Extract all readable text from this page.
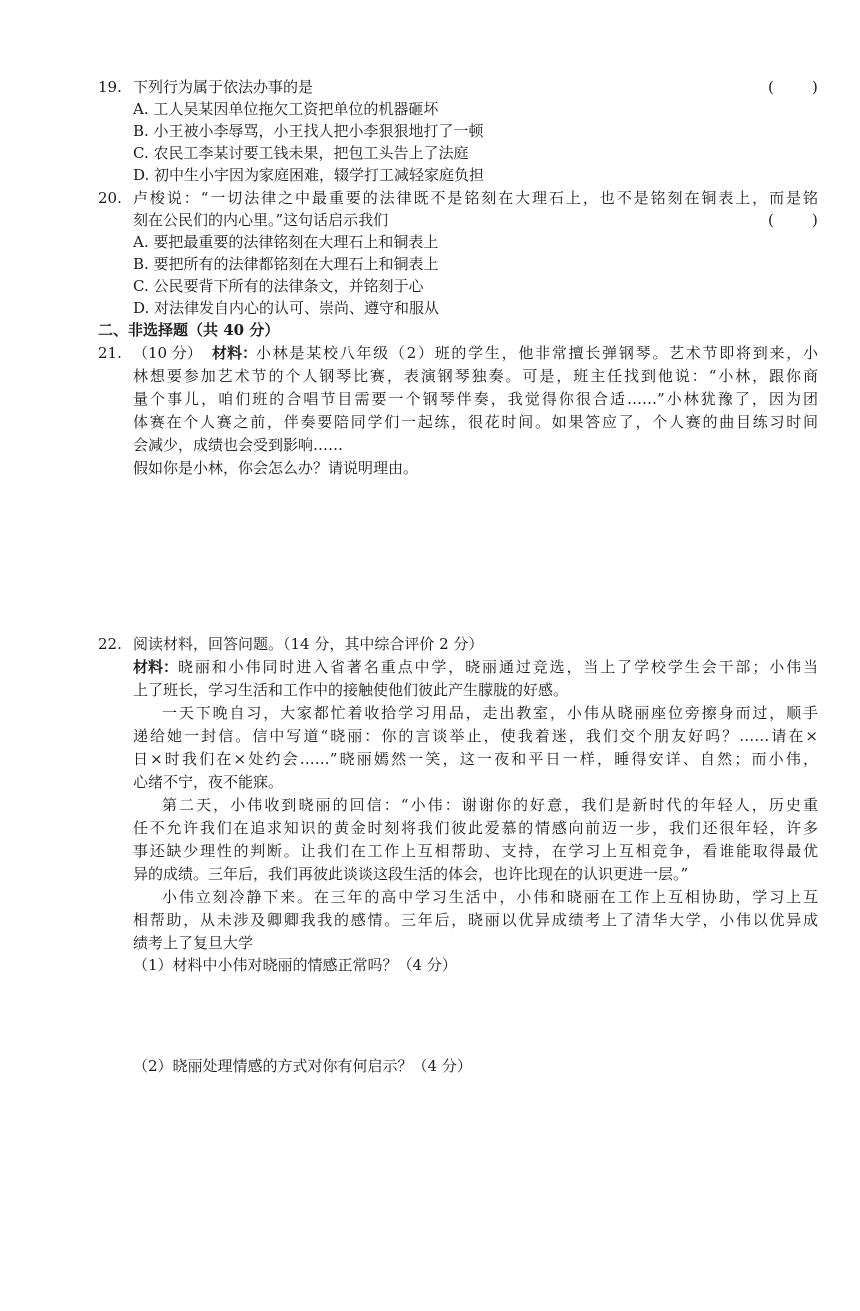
19. 下列行为属于依法办事的是	(        )
A. 工人吴某因单位拖欠工资把单位的机器砸坏
B. 小王被小李辱骂，小王找人把小李狠狠地打了一顿
C. 农民工李某讨要工钱未果，把包工头告上了法庭
D. 初中生小宇因为家庭困难，辍学打工减轻家庭负担
20. 卢梭说：“一切法律之中最重要的法律既不是铭刻在大理石上，也不是铭刻在铜表上，而是铭
刻在公民们的内心里。”这句话启示我们	(        )
A. 要把最重要的法律铭刻在大理石上和铜表上
B. 要把所有的法律都铭刻在大理石上和铜表上
C. 公民要背下所有的法律条文，并铭刻于心
D. 对法律发自内心的认可、崇尚、遵守和服从
二、非选择题（共 40 分）
21. （10 分） 材料：
小林是某校八年级（2）班的学生，他非常擅长弹钢琴。艺术节即将到来，小
林想要参加艺术节的个人钢琴比赛，表演钢琴独奏。可是，班主任找到他说：“小林，跟你商
量个事儿，咱们班的合唱节目需要一个钢琴伴奏，我觉得你很合适……”小林犹豫了，因为团
体赛在个人赛之前，伴奏要陪同学们一起练，很花时间。如果答应了，个人赛的曲目练习时间
会减少，成绩也会受到影响……
假如你是小林，你会怎么办？请说明理由。
22. 阅读材料，回答问题。（14 分，其中综合评价 2 分）
材料： 晓丽和小伟同时进入省著名重点中学，晓丽通过竞选，当上了学校学生会干部；小伟当
上了班长，学习生活和工作中的接触使他们彼此产生朦胧的好感。
一天下晚自习，大家都忙着收拾学习用品，走出教室，小伟从晓丽座位旁擦身而过，顺手
递给她一封信。信中写道“晓丽：你的言谈举止，使我着迷，我们交个朋友好吗？……请在×
日×时我们在×处约会……”晓丽嫣然一笑，这一夜和平日一样，睡得安详、自然；而小伟，
心绪不宁，夜不能寐。
第二天，小伟收到晓丽的回信：“小伟：谢谢你的好意，我们是新时代的年轻人，历史重
任不允许我们在追求知识的黄金时刻将我们彼此爱慕的情感向前迈一步，我们还很年轻，许多
事还缺少理性的判断。让我们在工作上互相帮助、支持，在学习上互相竞争，看谁能取得最优
异的成绩。三年后，我们再彼此谈谈这段生活的体会，也许比现在的认识更进一层。”
小伟立刻冷静下来。在三年的高中学习生活中，小伟和晓丽在工作上互相协助，学习上互
相帮助，从未涉及卿卿我我的感情。三年后，晓丽以优异成绩考上了清华大学，小伟以优异成
绩考上了复旦大学
（1）材料中小伟对晓丽的情感正常吗？（4 分）
（2）晓丽处理情感的方式对你有何启示？（4 分）
